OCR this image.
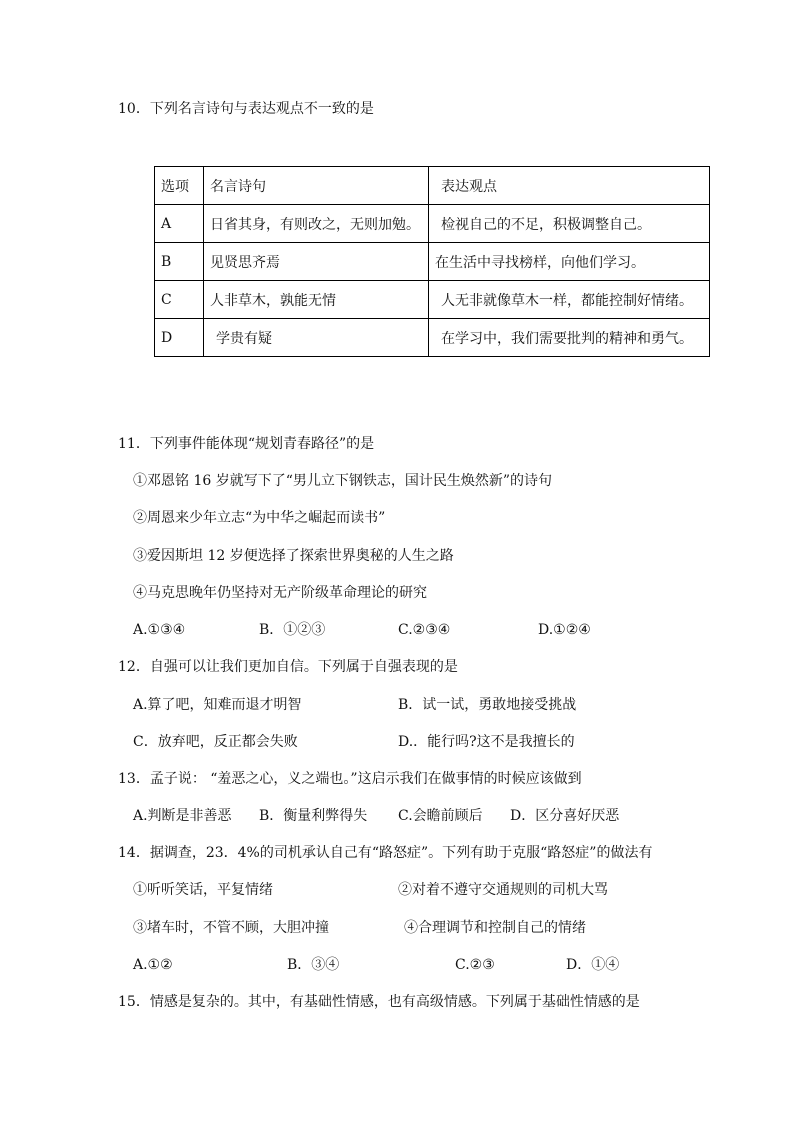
10．下列名言诗句与表达观点不一致的是
选项	名言诗句	表达观点
A	日省其身，有则改之，无则加勉。	检视自己的不足，积极调整自己。
B	见贤思齐焉	在生活中寻找榜样，向他们学习。
C	人非草木，孰能无情	人无非就像草木一样，都能控制好情绪。
D	学贵有疑	在学习中，我们需要批判的精神和勇气。
11．下列事件能体现“规划青春路径”的是
①邓恩铭 16 岁就写下了“男儿立下钢铁志，国计民生焕然新”的诗句
②周恩来少年立志“为中华之崛起而读书”
③爱因斯坦 12 岁便选择了探索世界奥秘的人生之路
④马克思晚年仍坚持对无产阶级革命理论的研究
A.①③④	B．①②③	C.②③④	D.①②④
12．自强可以让我们更加自信。下列属于自强表现的是
A.算了吧，知难而退才明智	B．试一试，勇敢地接受挑战
C．放弃吧，反正都会失败	D.．能行吗?这不是我擅长的
13．孟子说： “羞恶之心，义之端也。”这启示我们在做事情的时候应该做到
A.判断是非善恶 B．衡量利弊得失 C.会瞻前顾后 D．区分喜好厌恶
14．据调查，23．4%的司机承认自己有“路怒症”。下列有助于克服“路怒症”的做法有
①听听笑话，平复情绪	②对着不遵守交通规则的司机大骂
③堵车时，不管不顾，大胆冲撞	④合理调节和控制自己的情绪
A.①②	B．③④	C.②③	D．①④
15．情感是复杂的。其中，有基础性情感，也有高级情感。下列属于基础性情感的是
